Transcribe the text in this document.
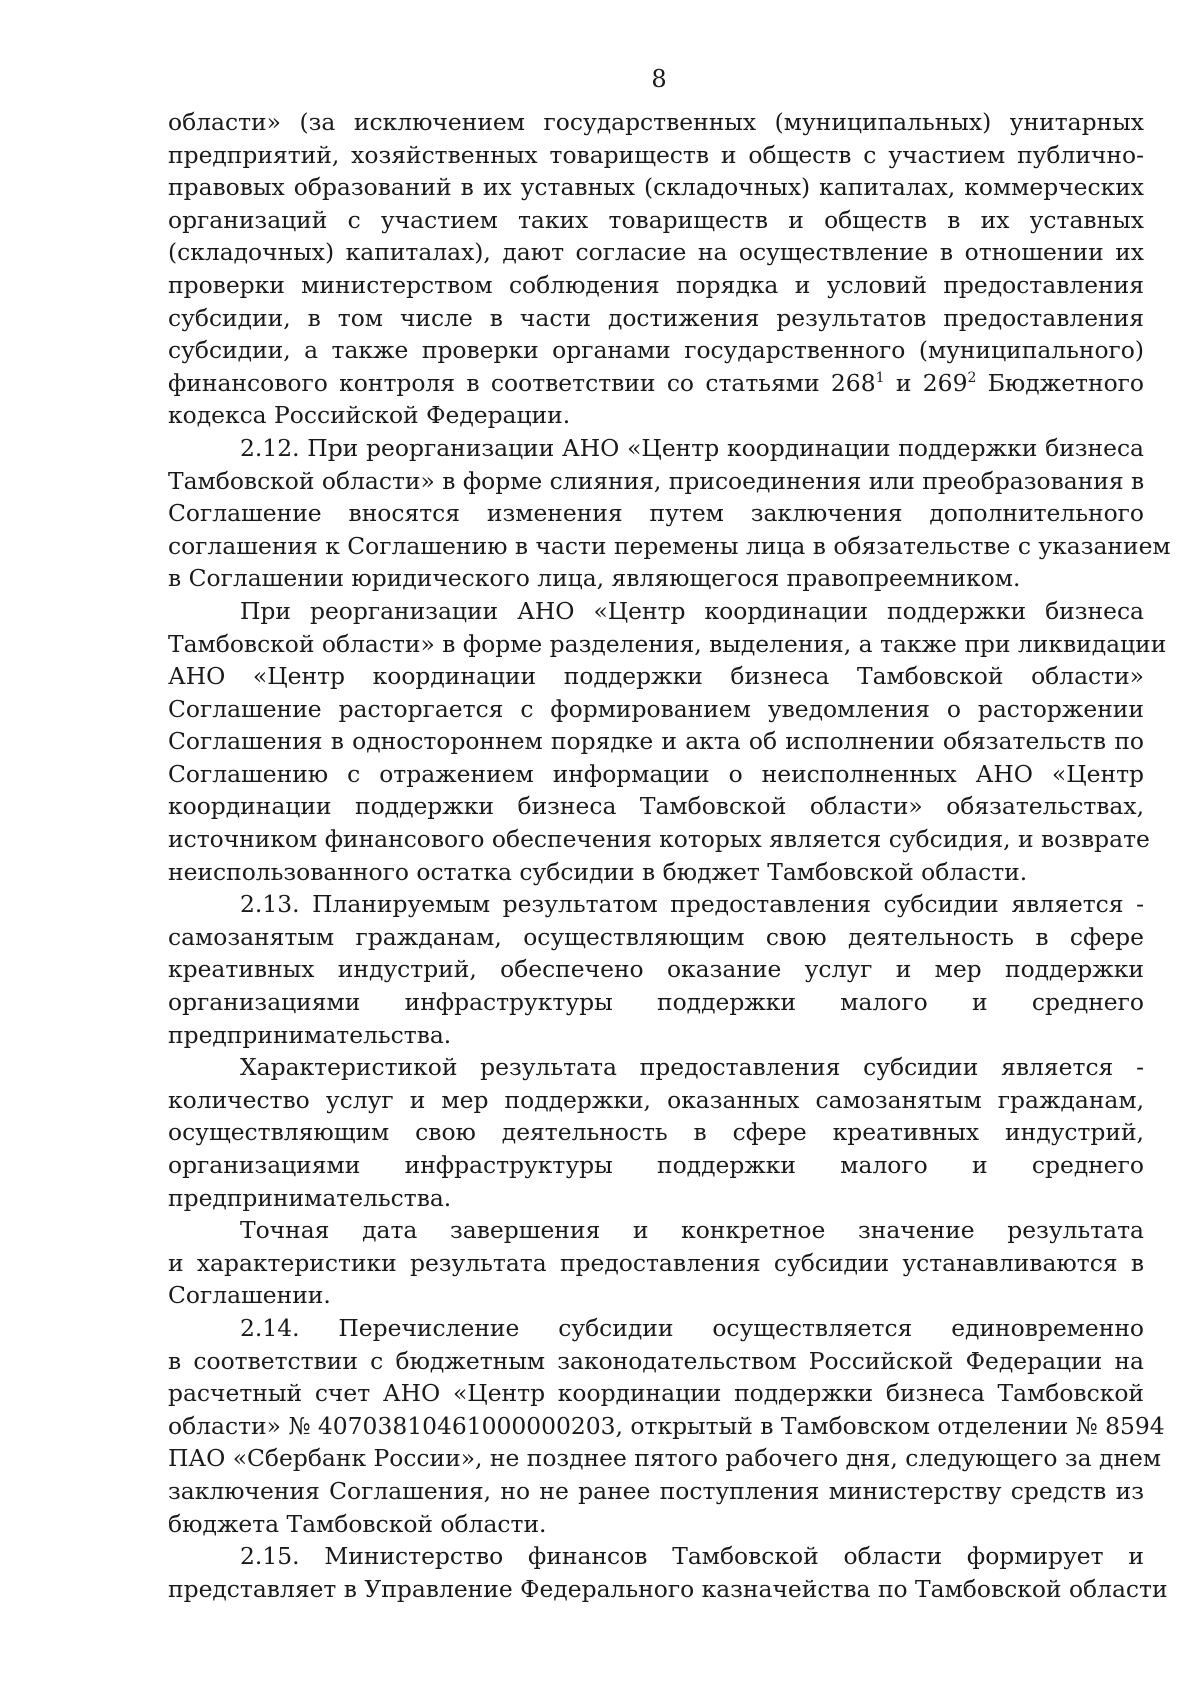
8

области» (за исключением государственных (муниципальных) унитарных
предприятий, хозяйственных товариществ и обществ с участием публично-
правовых образований в их уставных (складочных) капиталах, коммерческих
организаций с участием таких товариществ и обществ в их уставных
(складочных) капиталах), дают согласие на осуществление в отношении их
проверки министерством соблюдения порядка и условий предоставления
субсидии, в том числе в части достижения результатов предоставления
субсидии, а также проверки органами государственного (муниципального)
финансового контроля в соответствии со статьями $268^1$ и $269^2$ Бюджетного
кодекса Российской Федерации.

2.12. При реорганизации АНО «Центр координации поддержки бизнеса
Тамбовской области» в форме слияния, присоединения или преобразования в
Соглашение вносятся изменения путем заключения дополнительного
соглашения к Соглашению в части перемены лица в обязательстве с указанием
в Соглашении юридического лица, являющегося правопреемником.

При реорганизации АНО «Центр координации поддержки бизнеса
Тамбовской области» в форме разделения, выделения, а также при ликвидации
АНО «Центр координации поддержки бизнеса Тамбовской области»
Соглашение расторгается с формированием уведомления о расторжении
Соглашения в одностороннем порядке и акта об исполнении обязательств по
Соглашению с отражением информации о неисполненных АНО «Центр
координации поддержки бизнеса Тамбовской области» обязательствах,
источником финансового обеспечения которых является субсидия, и возврате
неиспользованного остатка субсидии в бюджет Тамбовской области.

2.13. Планируемым результатом предоставления субсидии является -
самозанятым гражданам, осуществляющим свою деятельность в сфере
креативных индустрий, обеспечено оказание услуг и мер поддержки
организациями инфраструктуры поддержки малого и среднего
предпринимательства.

Характеристикой результата предоставления субсидии является -
количество услуг и мер поддержки, оказанных самозанятым гражданам,
осуществляющим свою деятельность в сфере креативных индустрий,
организациями инфраструктуры поддержки малого и среднего
предпринимательства.

Точная дата завершения и конкретное значение результата
и характеристики результата предоставления субсидии устанавливаются в
Соглашении.

2.14. Перечисление субсидии осуществляется единовременно
в соответствии с бюджетным законодательством Российской Федерации на
расчетный счет АНО «Центр координации поддержки бизнеса Тамбовской
области» № 40703810461000000203, открытый в Тамбовском отделении № 8594
ПАО «Сбербанк России», не позднее пятого рабочего дня, следующего за днем
заключения Соглашения, но не ранее поступления министерству средств из
бюджета Тамбовской области.

2.15. Министерство финансов Тамбовской области формирует и
представляет в Управление Федерального казначейства по Тамбовской области
